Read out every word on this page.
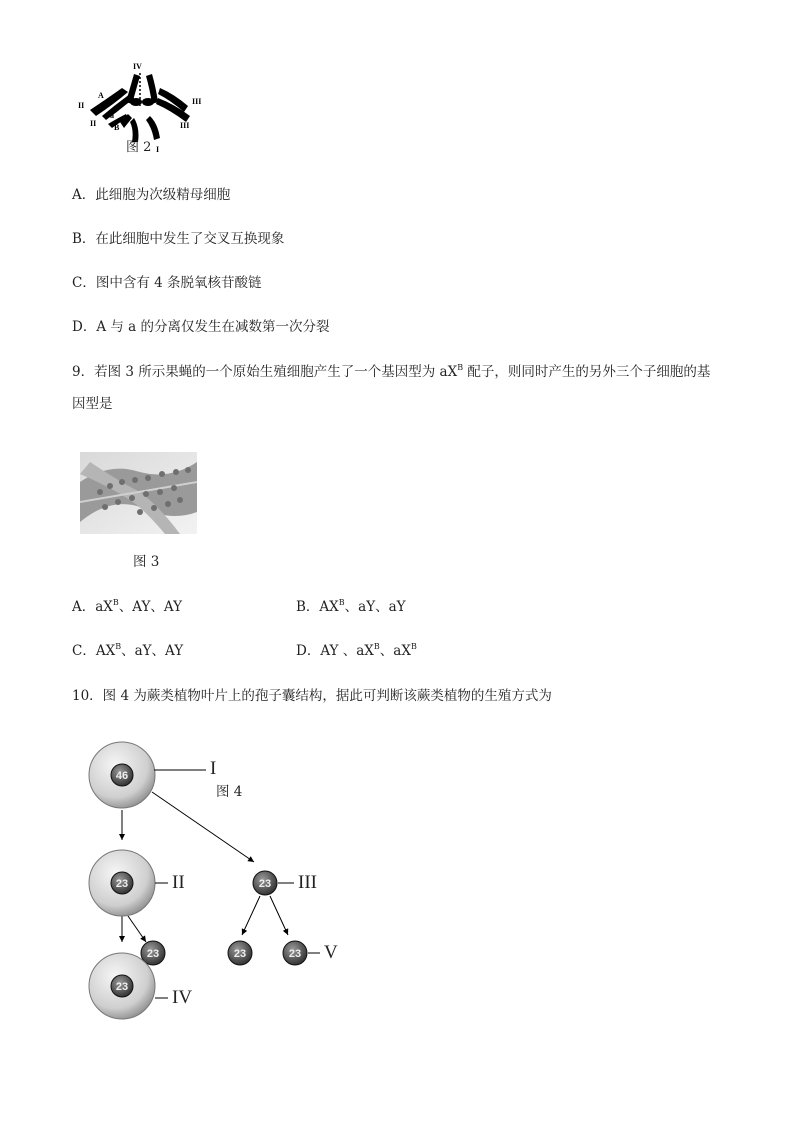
IV
II
A
II
a
B
III
III
I
图 2
A．此细胞为次级精母细胞
B．在此细胞中发生了交叉互换现象
C．图中含有 4 条脱氧核苷酸链
D．A 与 a 的分离仅发生在减数第一次分裂
9．若图 3 所示果蝇的一个原始生殖细胞产生了一个基因型为 $aX^B$ 配子，则同时产生的另外三个子细胞的基
因型是
图 3
A．$aX^B$、AY、AY	B．$AX^B$、aY、aY
C．$AX^B$、aY、AY	D．AY 、$aX^B$、$aX^B$
10．图 4 为蕨类植物叶片上的孢子囊结构，据此可判断该蕨类植物的生殖方式为
46
23	23
23
23
23	23
I
图 4
II	III
V
IV
